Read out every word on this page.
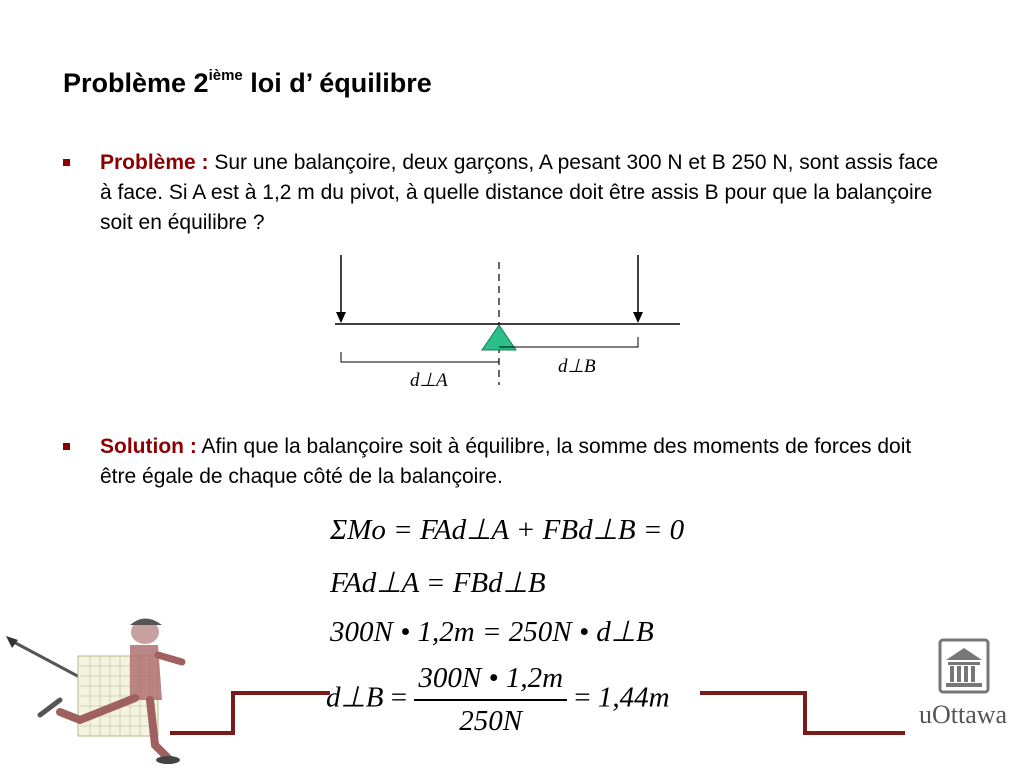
Problème 2ième loi d’ équilibre
Problème : Sur une balançoire, deux garçons, A pesant 300 N et B 250 N, sont assis face à face. Si A est à 1,2 m du pivot, à quelle distance doit être assis B pour que la balançoire soit en équilibre ?
d⊥A
d⊥B
Solution : Afin que la balançoire soit à équilibre, la somme des moments de forces doit être égale de chaque côté de la balançoire.
ΣMo = FAd⊥A + FBd⊥B = 0
FAd⊥A = FBd⊥B
300N • 1,2m = 250N • d⊥B
d⊥B = $\frac{300N • 1,2m}{250N} = 1,44m$
uOttawa
